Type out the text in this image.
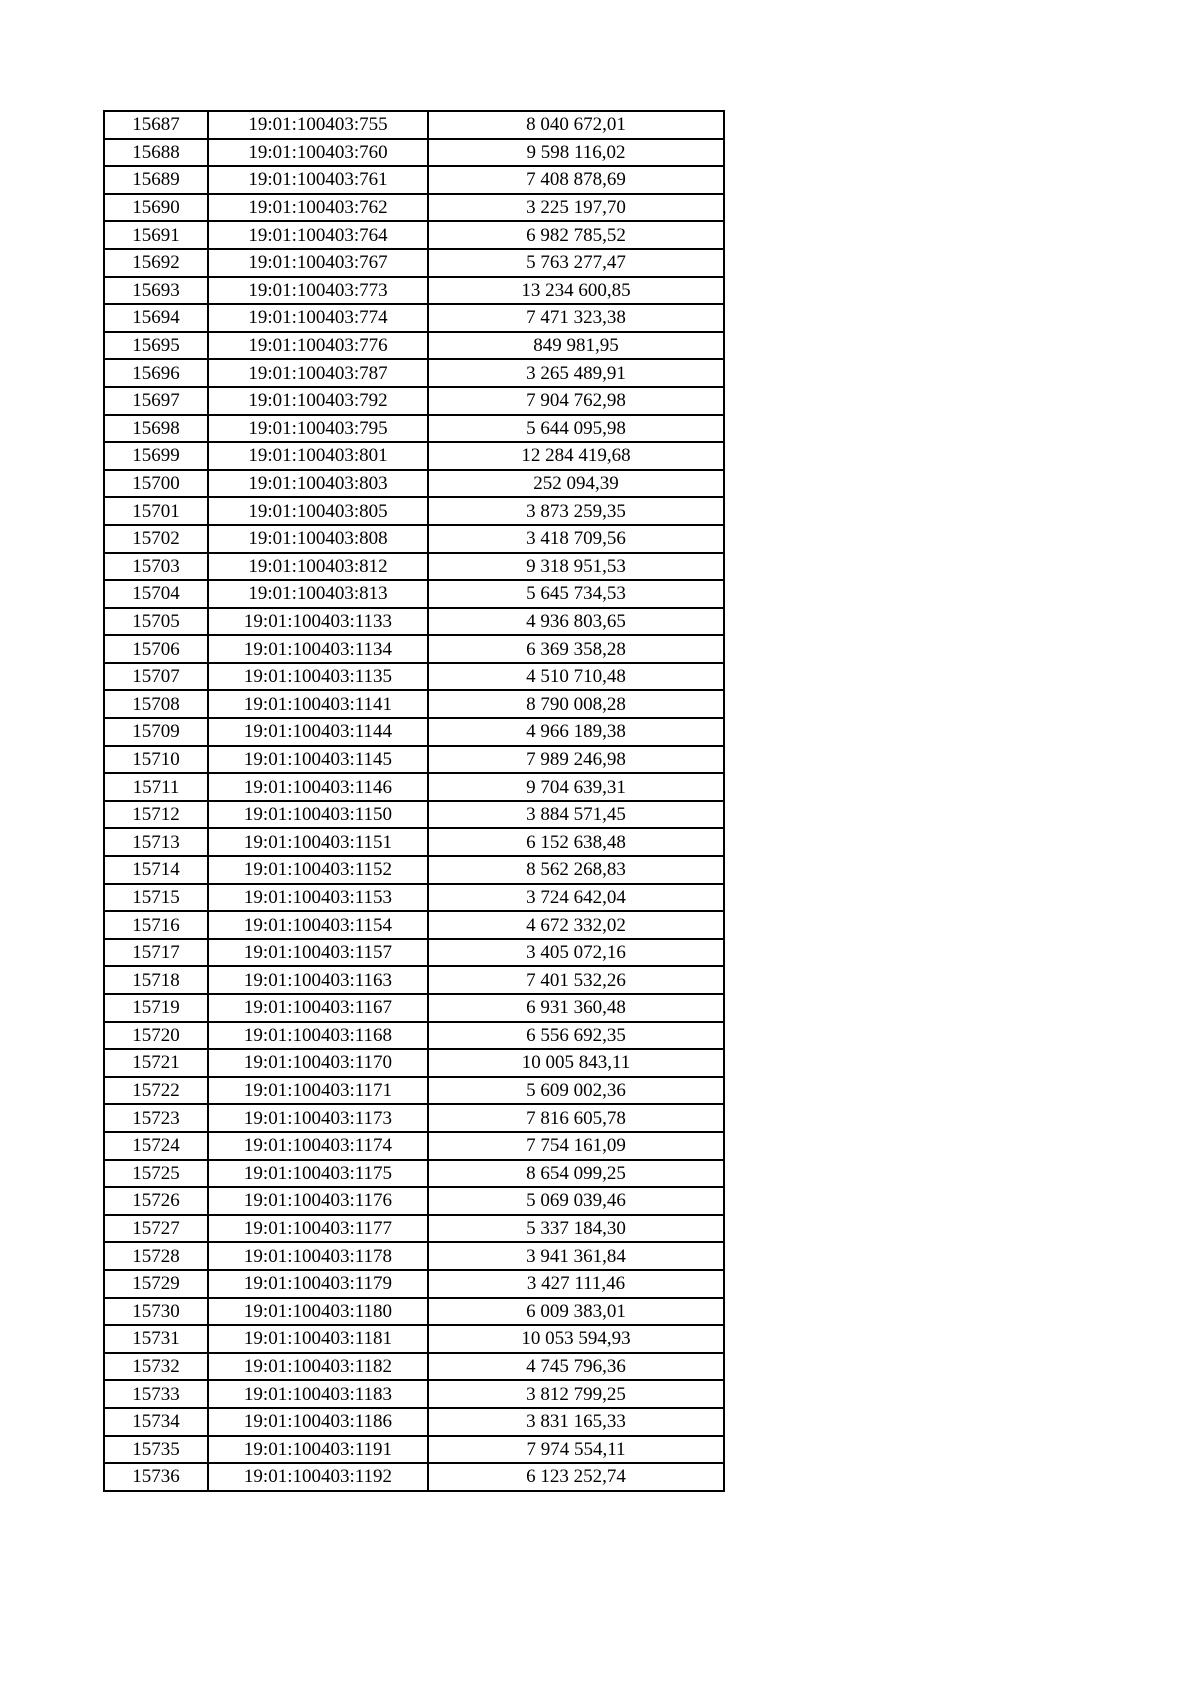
15687	19:01:100403:755	8 040 672,01
15688	19:01:100403:760	9 598 116,02
15689	19:01:100403:761	7 408 878,69
15690	19:01:100403:762	3 225 197,70
15691	19:01:100403:764	6 982 785,52
15692	19:01:100403:767	5 763 277,47
15693	19:01:100403:773	13 234 600,85
15694	19:01:100403:774	7 471 323,38
15695	19:01:100403:776	849 981,95
15696	19:01:100403:787	3 265 489,91
15697	19:01:100403:792	7 904 762,98
15698	19:01:100403:795	5 644 095,98
15699	19:01:100403:801	12 284 419,68
15700	19:01:100403:803	252 094,39
15701	19:01:100403:805	3 873 259,35
15702	19:01:100403:808	3 418 709,56
15703	19:01:100403:812	9 318 951,53
15704	19:01:100403:813	5 645 734,53
15705	19:01:100403:1133	4 936 803,65
15706	19:01:100403:1134	6 369 358,28
15707	19:01:100403:1135	4 510 710,48
15708	19:01:100403:1141	8 790 008,28
15709	19:01:100403:1144	4 966 189,38
15710	19:01:100403:1145	7 989 246,98
15711	19:01:100403:1146	9 704 639,31
15712	19:01:100403:1150	3 884 571,45
15713	19:01:100403:1151	6 152 638,48
15714	19:01:100403:1152	8 562 268,83
15715	19:01:100403:1153	3 724 642,04
15716	19:01:100403:1154	4 672 332,02
15717	19:01:100403:1157	3 405 072,16
15718	19:01:100403:1163	7 401 532,26
15719	19:01:100403:1167	6 931 360,48
15720	19:01:100403:1168	6 556 692,35
15721	19:01:100403:1170	10 005 843,11
15722	19:01:100403:1171	5 609 002,36
15723	19:01:100403:1173	7 816 605,78
15724	19:01:100403:1174	7 754 161,09
15725	19:01:100403:1175	8 654 099,25
15726	19:01:100403:1176	5 069 039,46
15727	19:01:100403:1177	5 337 184,30
15728	19:01:100403:1178	3 941 361,84
15729	19:01:100403:1179	3 427 111,46
15730	19:01:100403:1180	6 009 383,01
15731	19:01:100403:1181	10 053 594,93
15732	19:01:100403:1182	4 745 796,36
15733	19:01:100403:1183	3 812 799,25
15734	19:01:100403:1186	3 831 165,33
15735	19:01:100403:1191	7 974 554,11
15736	19:01:100403:1192	6 123 252,74
